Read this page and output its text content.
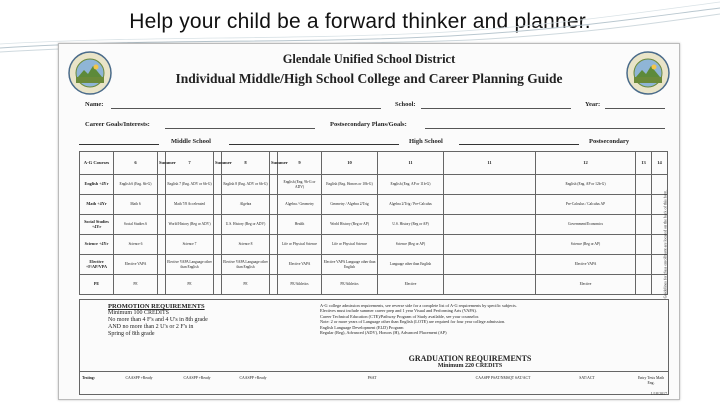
Help your child be a forward thinker and planner.
Glendale Unified School District
Individual Middle/High School College and Career Planning Guide
Name:	School:	Year:
Career Goals/Interests:	Postsecondary Plans/Goals:
Middle School	High School	Postsecondary
A-G Courses	6	Summer	7	Summer	8	Summer	9	10	11	11	12	13	14
English +4Yr	English 6 (Eng. 6b-G)		English 7 (Eng. ADV or 6b-G)		English 8 (Eng. ADV or 6b-G)		English (Eng. 9b-G or ADV)	English (Eng. Honors or 10b-G)	English (Eng. AP or 11b-G)		English (Eng. AP or 12b-G)		
Math +4Yr	Math 6		Math 7/8 Accelerated		Algebra		Algebra / Geometry	Geometry / Algebra 2/Trig	Algebra 2/Trig / Pre-Calculus		Pre-Calculus / Calculus AP		
Social Studies +4Yr	Social Studies 6		World History (Reg or ADV)		U.S. History (Reg or ADV)		Health	World History (Reg or AP)	U.S. History (Reg or AP)		Government/Economics		
Science +4Yr	Science 6		Science 7		Science 8		Life or Physical Science	Life or Physical Science	Science (Reg or AP)		Science (Reg or AP)		
Elective +F/AP/VPA	Elective VAPA		Elective VAPA Language other than English		Elective VAPA Language other than English		Elective VAPA	Elective VAPA Language other than English	Language other than English		Elective VAPA		
PE	PE		PE		PE		PE/Athletics	PE/Athletics	Elective		Elective		
PROMOTION REQUIREMENTS
Minimum 100 CREDITS
No more than 4 F's and 4 U's in 8th grade
AND no more than 2 U's or 2 F's in
Spring of 8th grade
A-G college admission requirements, see reverse side for a complete list of A-G requirements by specific subjects.
Electives must include summer career prep and 1 year Visual and Performing Arts (VAPA).
Career Technical Education (CTE)/Pathway Program of Study available, see your counselor.
Note: 2 or more years of Language other than English (LOTE) are required for four year college admission.
English Language Development (ELD) Program
Regular (Reg), Advanced (ADV), Honors (H), Advanced Placement (AP)
GRADUATION REQUIREMENTS
Minimum 220 CREDITS
Testing:	CAASPP +Ready	CAASPP +Ready	CAASPP +Ready	PSAT	CAASPP PSAT/NMSQT SAT/ACT	SAT/ACT	Entry Tests Math Eng.
Guidelines for class enrollment are located on the back of this form.
1/18/2017
